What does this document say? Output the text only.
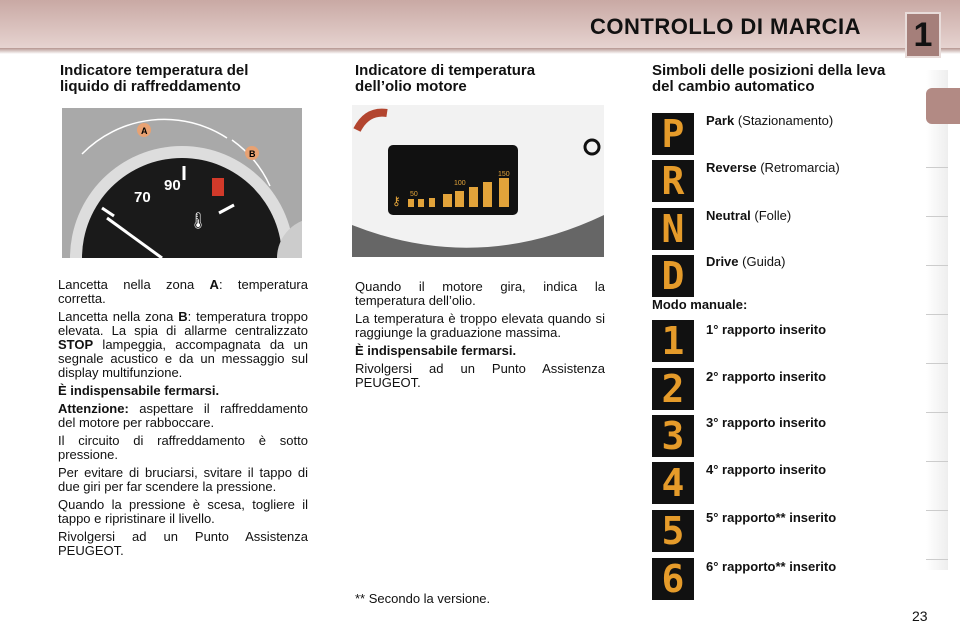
CONTROLLO DI MARCIA 1
Indicatore temperatura del liquido di raffreddamento
A
B
70
90
🌡
Lancetta nella zona A: temperatura corretta.
Lancetta nella zona B: temperatura troppo elevata. La spia di allarme centralizzato STOP lampeggia, accompagnata da un segnale acustico e da un messaggio sul display multifunzione.
È indispensabile fermarsi.
Attenzione: aspettare il raffreddamento del motore per rabboccare.
Il circuito di raffreddamento è sotto pressione.
Per evitare di bruciarsi, svitare il tappo di due giri per far scendere la pressione.
Quando la pressione è scesa, togliere il tappo e ripristinare il livello.
Rivolgersi ad un Punto Assistenza PEUGEOT.
Indicatore di temperatura dell’olio motore
50
100
150
⚷
Quando il motore gira, indica la temperatura dell’olio.
La temperatura è troppo elevata quando si raggiunge la graduazione massima.
È indispensabile fermarsi.
Rivolgersi ad un Punto Assistenza PEUGEOT.
** Secondo la versione.
Simboli delle posizioni della leva del cambio automatico
P	Park (Stazionamento)
R	Reverse (Retromarcia)
N	Neutral (Folle)
D	Drive (Guida)
Modo manuale:
1	1° rapporto inserito
2	2° rapporto inserito
3	3° rapporto inserito
4	4° rapporto inserito
5	5° rapporto** inserito
6	6° rapporto** inserito
23
